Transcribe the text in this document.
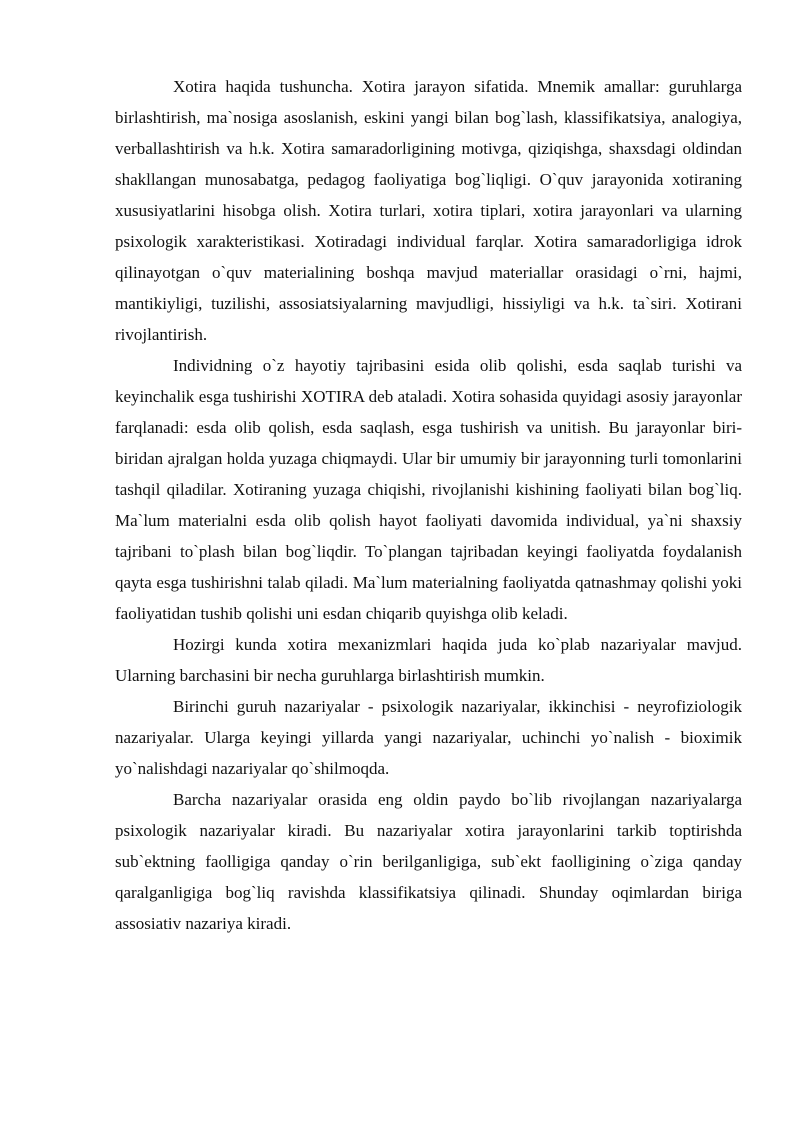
Xotira haqida tushuncha. Xotira jarayon sifatida. Mnemik amallar: guruhlarga birlashtirish, ma`nosiga asoslanish, eskini yangi bilan bog`lash, klassifikatsiya, analogiya, verballashtirish va h.k. Xotira samaradorligining motivga, qiziqishga, shaxsdagi oldindan shakllangan munosabatga, pedagog faoliyatiga bog`liqligi. O`quv jarayonida xotiraning xususiyatlarini hisobga olish. Xotira turlari, xotira tiplari, xotira jarayonlari va ularning psixologik xarakteristikasi. Xotiradagi individual farqlar. Xotira samaradorligiga idrok qilinayotgan o`quv materialining boshqa mavjud materiallar orasidagi o`rni, hajmi, mantikiyligi, tuzilishi, assosiatsiyalarning mavjudligi, hissiyligi va h.k. ta`siri. Xotirani rivojlantirish.

Individning o`z hayotiy tajribasini esida olib qolishi, esda saqlab turishi va keyinchalik esga tushirishi XOTIRA deb ataladi. Xotira sohasida quyidagi asosiy jarayonlar farqlanadi: esda olib qolish, esda saqlash, esga tushirish va unitish. Bu jarayonlar biri-biridan ajralgan holda yuzaga chiqmaydi. Ular bir umumiy bir jarayonning turli tomonlarini tashqil qiladilar. Xotiraning yuzaga chiqishi, rivojlanishi kishining faoliyati bilan bog`liq. Ma`lum materialni esda olib qolish hayot faoliyati davomida individual, ya`ni shaxsiy tajribani to`plash bilan bog`liqdir. To`plangan tajribadan keyingi faoliyatda foydalanish qayta esga tushirishni talab qiladi. Ma`lum materialning faoliyatda qatnashmay qolishi yoki faoliyatidan tushib qolishi uni esdan chiqarib quyishga olib keladi.

Hozirgi kunda xotira mexanizmlari haqida juda ko`plab nazariyalar mavjud. Ularning barchasini bir necha guruhlarga birlashtirish mumkin.

Birinchi guruh nazariyalar - psixologik nazariyalar, ikkinchisi - neyrofiziologik nazariyalar. Ularga keyingi yillarda yangi nazariyalar, uchinchi yo`nalish - bioximik yo`nalishdagi nazariyalar qo`shilmoqda.

Barcha nazariyalar orasida eng oldin paydo bo`lib rivojlangan nazariyalarga psixologik nazariyalar kiradi. Bu nazariyalar xotira jarayonlarini tarkib toptirishda sub`ektning faolligiga qanday o`rin berilganligiga, sub`ekt faolligining o`ziga qanday qaralganligiga bog`liq ravishda klassifikatsiya qilinadi. Shunday oqimlardan biriga assosiativ nazariya kiradi.
